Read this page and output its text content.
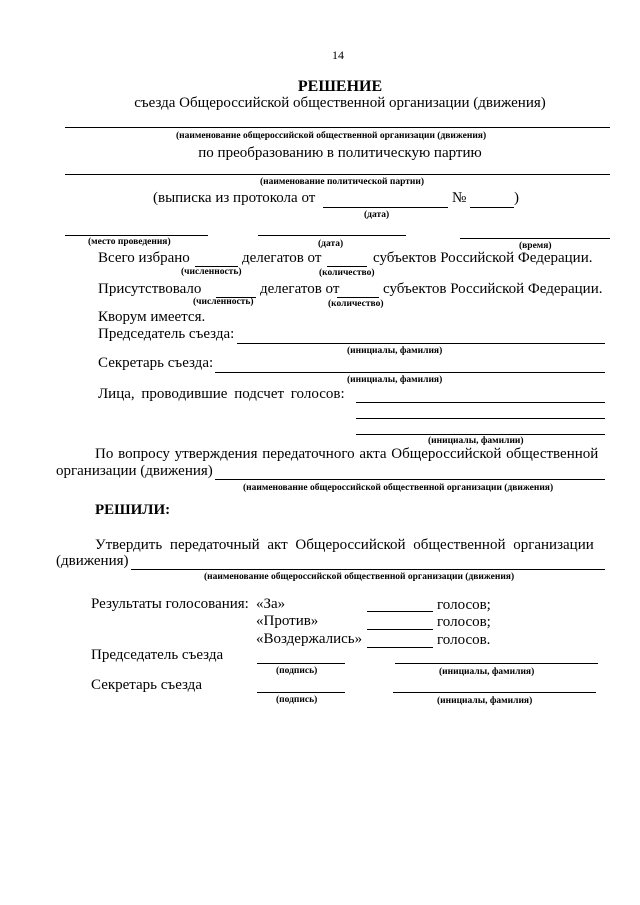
14
РЕШЕНИЕ
съезда Общероссийской общественной организации (движения)
(наименование общероссийской общественной организации (движения)
по преобразованию в политическую партию
(наименование политической партии)
(выписка из протокола от	№	)
(дата)
(место проведения)	(дата)	(время)
Всего избрано	делегатов от	субъектов Российской Федерации.
(численность)	(количество)
Присутствовало	делегатов от	субъектов Российской Федерации.
(численность)	(количество)
Кворум имеется.
Председатель съезда:
(инициалы, фамилия)
Секретарь съезда:
(инициалы, фамилия)
Лица, проводившие подсчет голосов:
(инициалы, фамилии)
По вопросу утверждения передаточного акта Общероссийской общественной
организации (движения)
(наименование общероссийской общественной организации (движения)
РЕШИЛИ:
Утвердить передаточный акт Общероссийской общественной организации
(движения)
(наименование общероссийской общественной организации (движения)
Результаты голосования: «За»	голосов;
«Против»	голосов;
«Воздержались»	голосов.
Председатель съезда
(подпись)	(инициалы, фамилия)
Секретарь съезда
(подпись)	(инициалы, фамилия)
